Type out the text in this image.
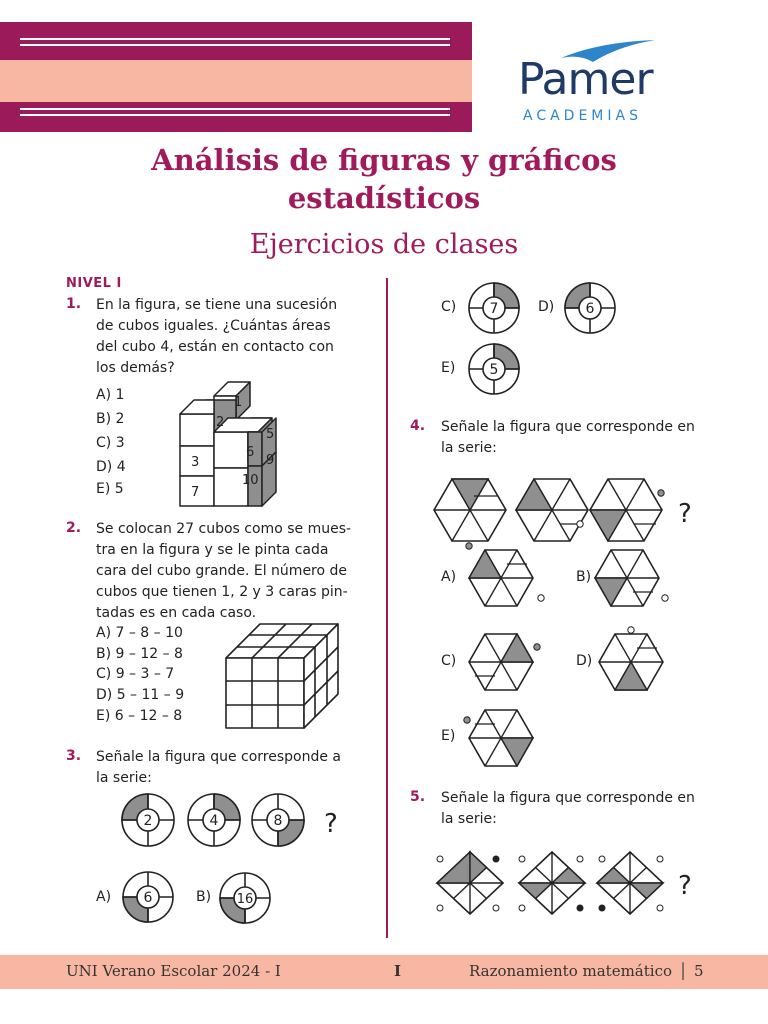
Pamer
ACADEMIAS
Análisis de figuras y gráficos
estadísticos
Ejercicios de clases
NIVEL I
1. En la figura, se tiene una sucesión
de cubos iguales. ¿Cuántas áreas
del cubo 4, están en contacto con
los demás?
A) 1
B) 2
C) 3
D) 4
E) 5
1
2
3
5
6
7
9
10
2. Se colocan 27 cubos como se mues-
tra en la figura y se le pinta cada
cara del cubo grande. El número de
cubos que tienen 1, 2 y 3 caras pin-
tadas es en cada caso.
A) 7 – 8 – 10
B) 9 – 12 – 8
C) 9 – 3 – 7
D) 5 – 11 – 9
E) 6 – 12 – 8
3. Señale la figura que corresponde a
la serie:
2	4	8 ?
A)	B)
6	16
C)	D)
E)
7	6
5
4. Señale la figura que corresponde en
la serie:
?
A)	B)
C)	D)
E)
5. Señale la figura que corresponde en
la serie:
?
UNI Verano Escolar 2024 - I	I	Razonamiento matemático | 5
